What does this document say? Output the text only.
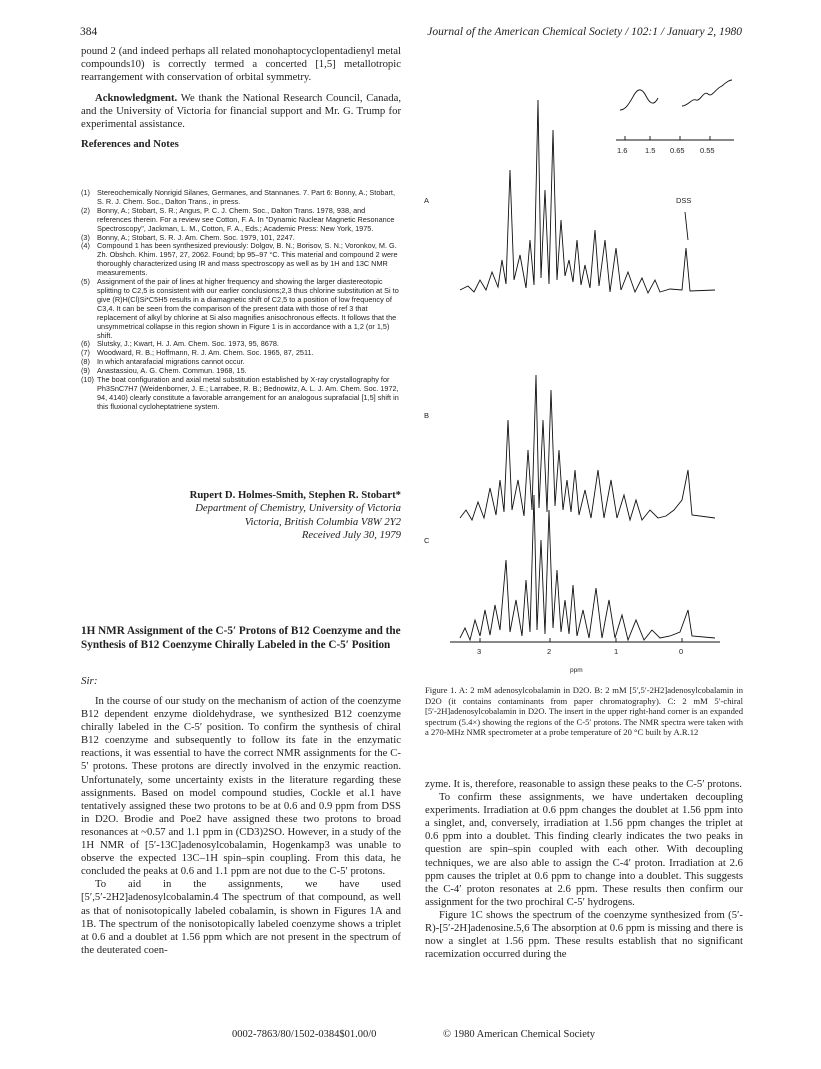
384	Journal of the American Chemical Society / 102:1 / January 2, 1980

pound 2 (and indeed perhaps all related monohaptocyclopentadienyl metal compounds10) is correctly termed a concerted [1,5] metallotropic rearrangement with conservation of orbital symmetry.

Acknowledgment. We thank the National Research Council, Canada, and the University of Victoria for financial support and Mr. G. Trump for experimental assistance.

References and Notes

(1) Stereochemically Nonrigid Silanes, Germanes, and Stannanes. 7. Part 6: Bonny, A.; Stobart, S. R. J. Chem. Soc., Dalton Trans., in press.
(2) Bonny, A.; Stobart, S. R.; Angus, P. C. J. Chem. Soc., Dalton Trans. 1978, 938, and references therein. For a review see Cotton, F. A. In "Dynamic Nuclear Magnetic Resonance Spectroscopy", Jackman, L. M., Cotton, F. A., Eds.; Academic Press: New York, 1975.
(3) Bonny, A.; Stobart, S. R. J. Am. Chem. Soc. 1979, 101, 2247.
(4) Compound 1 has been synthesized previously: Dolgov, B. N.; Borisov, S. N.; Voronkov, M. G. Zh. Obshch. Khim. 1957, 27, 2062. Found; bp 95–97 °C. This material and compound 2 were thoroughly characterized using IR and mass spectroscopy as well as by 1H and 13C NMR measurements.
(5) Assignment of the pair of lines at higher frequency and showing the larger diastereotopic splitting to C2,5 is consistent with our earlier conclusions;2,3 thus chlorine substitution at Si to give (R)H(Cl)Si*C5H5 results in a diamagnetic shift of C2,5 to a position of low frequency of C3,4. It can be seen from the comparison of the present data with those of ref 3 that replacement of alkyl by chlorine at Si also magnifies anisochronous effects. It follows that the unsymmetrical collapse in this region shown in Figure 1 is in accordance with a 1,2 (or 1,5) shift.
(6) Slutsky, J.; Kwart, H. J. Am. Chem. Soc. 1973, 95, 8678.
(7) Woodward, R. B.; Hoffmann, R. J. Am. Chem. Soc. 1965, 87, 2511.
(8) In which antarafacial migrations cannot occur.
(9) Anastassiou, A. G. Chem. Commun. 1968, 15.
(10) The boat configuration and axial metal substitution established by X-ray crystallography for Ph3SnC7H7 (Weidenborner, J. E.; Larrabee, R. B.; Bednowitz, A. L. J. Am. Chem. Soc. 1972, 94, 4140) clearly constitute a favorable arrangement for an analogous suprafacial [1,5] shift in this fluxional cycloheptatriene system.
Rupert D. Holmes-Smith, Stephen R. Stobart*
Department of Chemistry, University of Victoria
Victoria, British Columbia V8W 2Y2
Received July 30, 1979
1H NMR Assignment of the C-5′ Protons of B12 Coenzyme and the Synthesis of B12 Coenzyme Chirally Labeled in the C-5′ Position
Sir:

In the course of our study on the mechanism of action of the coenzyme B12 dependent enzyme dioldehydrase, we synthesized B12 coenzyme chirally labeled in the C-5′ position. To confirm the synthesis of chiral B12 coenzyme and subsequently to follow its fate in the enzymatic reactions, it was essential to have the correct NMR assignments for the C-5′ protons. These protons are directly involved in the enzymic reaction. Unfortunately, some uncertainty exists in the literature regarding these assignments. Based on model compound studies, Cockle et al.1 have tentatively assigned these two protons to be at 0.6 and 0.9 ppm from DSS in D2O. Brodie and Poe2 have assigned these two protons to broad resonances at ~0.57 and 1.1 ppm in (CD3)2SO. However, in a study of the 1H NMR of [5′-13C]adenosylcobalamin, Hogenkamp3 was unable to observe the expected 13C–1H spin–spin coupling. From this data, he concluded the peaks at 0.6 and 1.1 ppm are not due to the C-5′ protons.

To aid in the assignments, we have used [5′,5′-2H2]adenosylcobalamin.4 The spectrum of that compound, as well as that of nonisotopically labeled cobalamin, is shown in Figures 1A and 1B. The spectrum of the nonisotopically labeled coenzyme shows a triplet at 0.6 and a doublet at 1.56 ppm which are not present in the spectrum of the deuterated coen-

A
B
C
DSS
1.6 1.5 0.65 0.55
3	2	1	0
ppm
Figure 1. A: 2 mM adenosylcobalamin in D2O. B: 2 mM [5′,5′-2H2]adenosylcobalamin in D2O (it contains contaminants from paper chromatography). C: 2 mM 5′-chiral [5′-2H]adenosylcobalamin in D2O. The insert in the upper right-hand corner is an expanded spectrum (5.4×) showing the regions of the C-5′ protons. The NMR spectra were taken with a 270-MHz NMR spectrometer at a probe temperature of 20 °C built by A.R.12

zyme. It is, therefore, reasonable to assign these peaks to the C-5′ protons.

To confirm these assignments, we have undertaken decoupling experiments. Irradiation at 0.6 ppm changes the doublet at 1.56 ppm into a singlet, and, conversely, irradiation at 1.56 ppm changes the triplet at 0.6 ppm into a doublet. This finding clearly indicates the two peaks in question are spin–spin coupled with each other. With decoupling techniques, we are also able to assign the C-4′ proton. Irradiation at 2.6 ppm causes the triplet at 0.6 ppm to change into a doublet. This suggests the C-4′ proton resonates at 2.6 ppm. These results then confirm our assignment for the two prochiral C-5′ hydrogens.

Figure 1C shows the spectrum of the coenzyme synthesized from (5′-R)-[5′-2H]adenosine.5,6 The absorption at 0.6 ppm is missing and there is now a singlet at 1.56 ppm. These results establish that no significant racemization occurred during the

0002-7863/80/1502-0384$01.00/0	© 1980 American Chemical Society
